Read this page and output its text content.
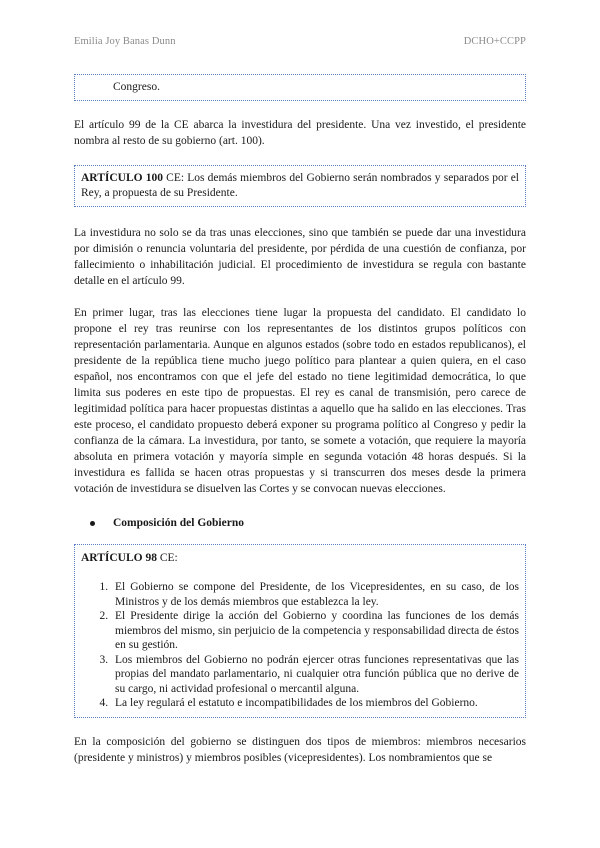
Emilia Joy Banas Dunn	DCHO+CCPP
Congreso.

El artículo 99 de la CE abarca la investidura del presidente. Una vez investido, el presidente nombra al resto de su gobierno (art. 100).

ARTÍCULO 100 CE: Los demás miembros del Gobierno serán nombrados y separados por el Rey, a propuesta de su Presidente.

La investidura no solo se da tras unas elecciones, sino que también se puede dar una investidura por dimisión o renuncia voluntaria del presidente, por pérdida de una cuestión de confianza, por fallecimiento o inhabilitación judicial. El procedimiento de investidura se regula con bastante detalle en el artículo 99.

En primer lugar, tras las elecciones tiene lugar la propuesta del candidato. El candidato lo propone el rey tras reunirse con los representantes de los distintos grupos políticos con representación parlamentaria. Aunque en algunos estados (sobre todo en estados republicanos), el presidente de la república tiene mucho juego político para plantear a quien quiera, en el caso español, nos encontramos con que el jefe del estado no tiene legitimidad democrática, lo que limita sus poderes en este tipo de propuestas. El rey es canal de transmisión, pero carece de legitimidad política para hacer propuestas distintas a aquello que ha salido en las elecciones. Tras este proceso, el candidato propuesto deberá exponer su programa político al Congreso y pedir la confianza de la cámara. La investidura, por tanto, se somete a votación, que requiere la mayoría absoluta en primera votación y mayoría simple en segunda votación 48 horas después. Si la investidura es fallida se hacen otras propuestas y si transcurren dos meses desde la primera votación de investidura se disuelven las Cortes y se convocan nuevas elecciones.

Composición del Gobierno
ARTÍCULO 98 CE:
1. El Gobierno se compone del Presidente, de los Vicepresidentes, en su caso, de los Ministros y de los demás miembros que establezca la ley.
2. El Presidente dirige la acción del Gobierno y coordina las funciones de los demás miembros del mismo, sin perjuicio de la competencia y responsabilidad directa de éstos en su gestión.
3. Los miembros del Gobierno no podrán ejercer otras funciones representativas que las propias del mandato parlamentario, ni cualquier otra función pública que no derive de su cargo, ni actividad profesional o mercantil alguna.
4. La ley regulará el estatuto e incompatibilidades de los miembros del Gobierno.

En la composición del gobierno se distinguen dos tipos de miembros: miembros necesarios (presidente y ministros) y miembros posibles (vicepresidentes). Los nombramientos que se
